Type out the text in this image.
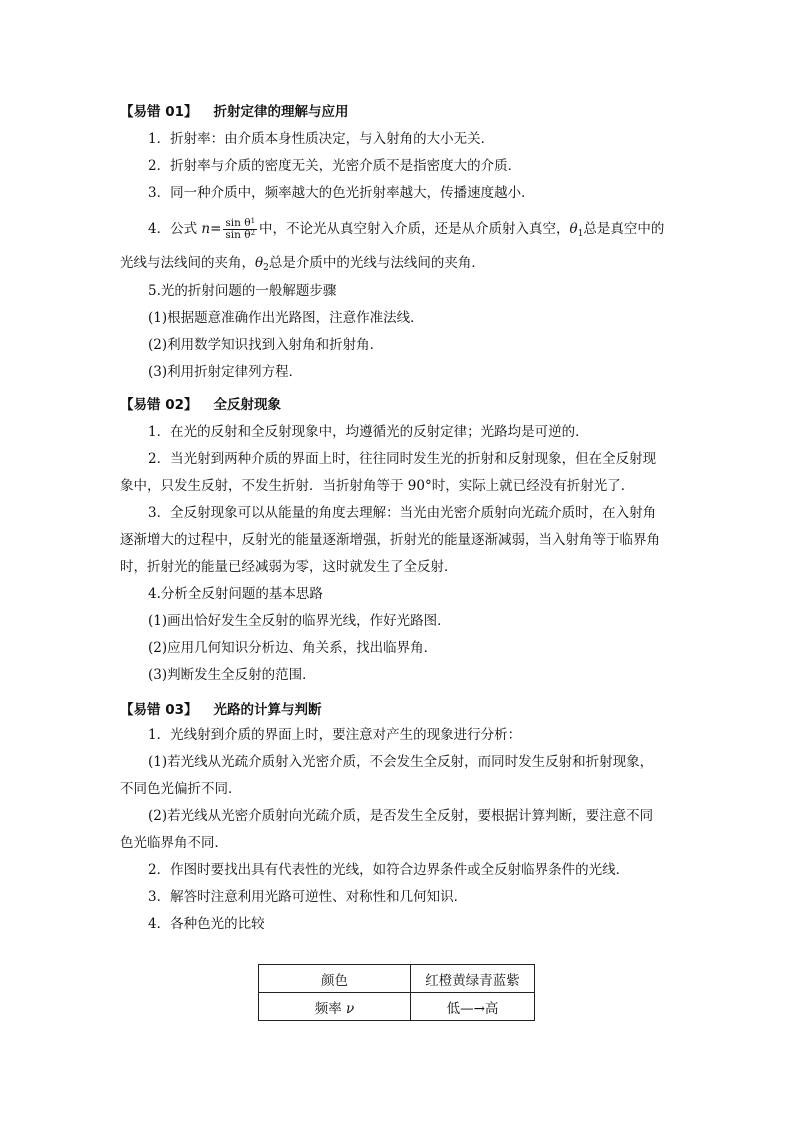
【易错 01】 折射定律的理解与应用
1．折射率：由介质本身性质决定，与入射角的大小无关．
2．折射率与介质的密度无关，光密介质不是指密度大的介质．
3．同一种介质中，频率越大的色光折射率越大，传播速度越小．
4．公式 $n= \frac{\sin \theta^1}{\sin \theta^2}$ 中，不论光从真空射入介质，还是从介质射入真空，$\theta_1$总是真空中的
光线与法线间的夹角，$\theta_2$总是介质中的光线与法线间的夹角．
5.光的折射问题的一般解题步骤
(1)根据题意准确作出光路图，注意作准法线．
(2)利用数学知识找到入射角和折射角．
(3)利用折射定律列方程．
【易错 02】 全反射现象
1．在光的反射和全反射现象中，均遵循光的反射定律；光路均是可逆的．
2．当光射到两种介质的界面上时，往往同时发生光的折射和反射现象，但在全反射现
象中，只发生反射，不发生折射．当折射角等于 90°时，实际上就已经没有折射光了．
3．全反射现象可以从能量的角度去理解：当光由光密介质射向光疏介质时，在入射角
逐渐增大的过程中，反射光的能量逐渐增强，折射光的能量逐渐减弱，当入射角等于临界角
时，折射光的能量已经减弱为零，这时就发生了全反射．
4.分析全反射问题的基本思路
(1)画出恰好发生全反射的临界光线，作好光路图．
(2)应用几何知识分析边、角关系，找出临界角．
(3)判断发生全反射的范围．
【易错 03】 光路的计算与判断
1．光线射到介质的界面上时，要注意对产生的现象进行分析：
(1)若光线从光疏介质射入光密介质，不会发生全反射，而同时发生反射和折射现象，
不同色光偏折不同．
(2)若光线从光密介质射向光疏介质，是否发生全反射，要根据计算判断，要注意不同
色光临界角不同．
2．作图时要找出具有代表性的光线，如符合边界条件或全反射临界条件的光线．
3．解答时注意利用光路可逆性、对称性和几何知识．
4．各种色光的比较
颜色	红橙黄绿青蓝紫
频率 ν	低—→高
